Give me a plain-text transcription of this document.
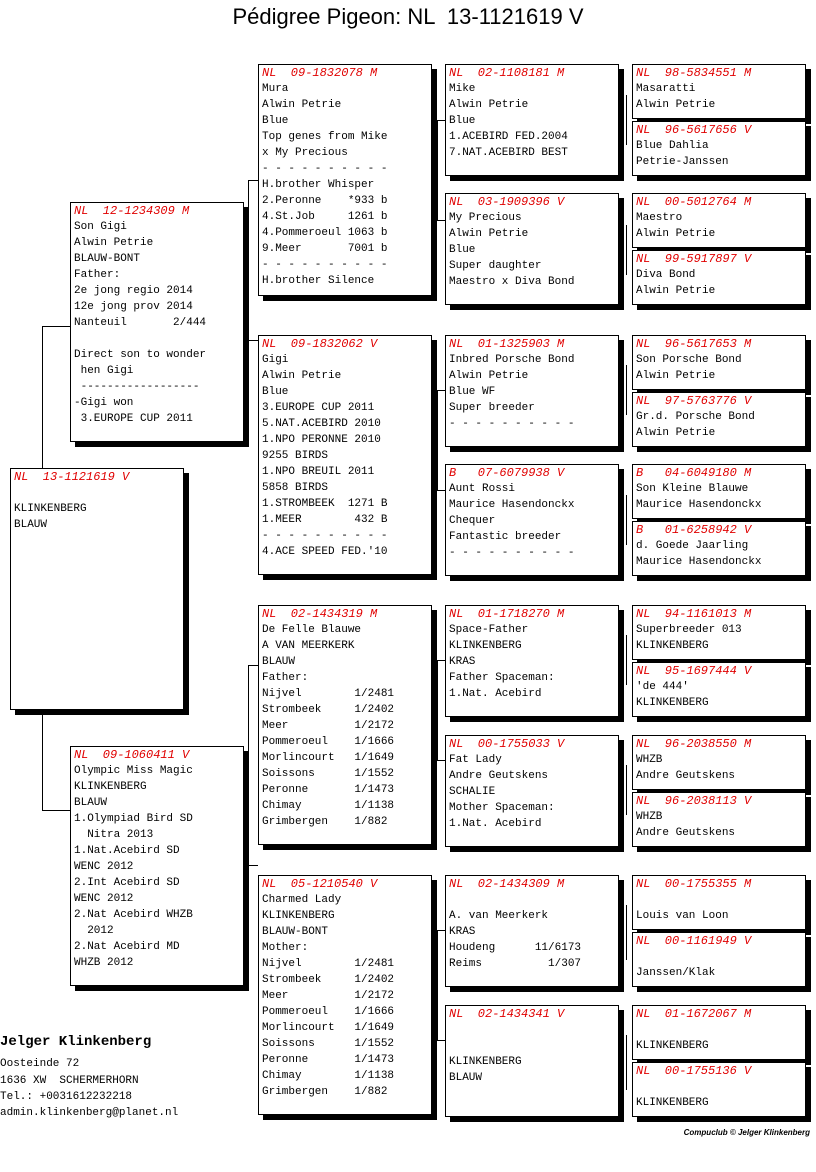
Pédigree Pigeon: NL  13-1121619 V
NL  13-1121619 V

KLINKENBERG
BLAUW
NL  12-1234309 M
Son Gigi
Alwin Petrie
BLAUW-BONT
Father:
2e jong regio 2014
12e jong prov 2014
Nanteuil       2/444

Direct son to wonder
hen Gigi
------------------
-Gigi won
3.EUROPE CUP 2011
NL  09-1060411 V
Olympic Miss Magic
KLINKENBERG
BLAUW
1.Olympiad Bird SD
Nitra 2013
1.Nat.Acebird SD
WENC 2012
2.Int Acebird SD
WENC 2012
2.Nat Acebird WHZB
2012
2.Nat Acebird MD
WHZB 2012
NL  09-1832078 M
Mura
Alwin Petrie
Blue
Top genes from Mike
x My Precious
- - - - - - - - - -
H.brother Whisper
2.Peronne    *933 b
4.St.Job     1261 b
4.Pommeroeul 1063 b
9.Meer       7001 b
- - - - - - - - - -
H.brother Silence
NL  09-1832062 V
Gigi
Alwin Petrie
Blue
3.EUROPE CUP 2011
5.NAT.ACEBIRD 2010
1.NPO PERONNE 2010
9255 BIRDS
1.NPO BREUIL 2011
5858 BIRDS
1.STROMBEEK  1271 B
1.MEER        432 B
- - - - - - - - - -
4.ACE SPEED FED.'10
NL  02-1434319 M
De Felle Blauwe
A VAN MEERKERK
BLAUW
Father:
Nijvel        1/2481
Strombeek     1/2402
Meer          1/2172
Pommeroeul    1/1666
Morlincourt   1/1649
Soissons      1/1552
Peronne       1/1473
Chimay        1/1138
Grimbergen    1/882
NL  05-1210540 V
Charmed Lady
KLINKENBERG
BLAUW-BONT
Mother:
Nijvel        1/2481
Strombeek     1/2402
Meer          1/2172
Pommeroeul    1/1666
Morlincourt   1/1649
Soissons      1/1552
Peronne       1/1473
Chimay        1/1138
Grimbergen    1/882
NL  02-1108181 M
Mike
Alwin Petrie
Blue
1.ACEBIRD FED.2004
7.NAT.ACEBIRD BEST
NL  03-1909396 V
My Precious
Alwin Petrie
Blue
Super daughter
Maestro x Diva Bond
NL  01-1325903 M
Inbred Porsche Bond
Alwin Petrie
Blue WF
Super breeder
- - - - - - - - - -
B   07-6079938 V
Aunt Rossi
Maurice Hasendonckx
Chequer
Fantastic breeder
- - - - - - - - - -
NL  01-1718270 M
Space-Father
KLINKENBERG
KRAS
Father Spaceman:
1.Nat. Acebird
NL  00-1755033 V
Fat Lady
Andre Geutskens
SCHALIE
Mother Spaceman:
1.Nat. Acebird
NL  02-1434309 M

A. van Meerkerk
KRAS
Houdeng      11/6173
Reims          1/307
NL  02-1434341 V

KLINKENBERG
BLAUW
NL  98-5834551 M
Masaratti
Alwin Petrie
NL  96-5617656 V
Blue Dahlia
Petrie-Janssen
NL  00-5012764 M
Maestro
Alwin Petrie
NL  99-5917897 V
Diva Bond
Alwin Petrie
NL  96-5617653 M
Son Porsche Bond
Alwin Petrie
NL  97-5763776 V
Gr.d. Porsche Bond
Alwin Petrie
B   04-6049180 M
Son Kleine Blauwe
Maurice Hasendonckx
B   01-6258942 V
d. Goede Jaarling
Maurice Hasendonckx
NL  94-1161013 M
Superbreeder 013
KLINKENBERG
NL  95-1697444 V
'de 444'
KLINKENBERG
NL  96-2038550 M
WHZB
Andre Geutskens
NL  96-2038113 V
WHZB
Andre Geutskens
NL  00-1755355 M

Louis van Loon
NL  00-1161949 V

Janssen/Klak
NL  01-1672067 M

KLINKENBERG
NL  00-1755136 V

KLINKENBERG
Jelger Klinkenberg
Oosteinde 72
1636 XW  SCHERMERHORN
Tel.: +0031612232218
admin.klinkenberg@planet.nl
Compuclub © Jelger Klinkenberg
